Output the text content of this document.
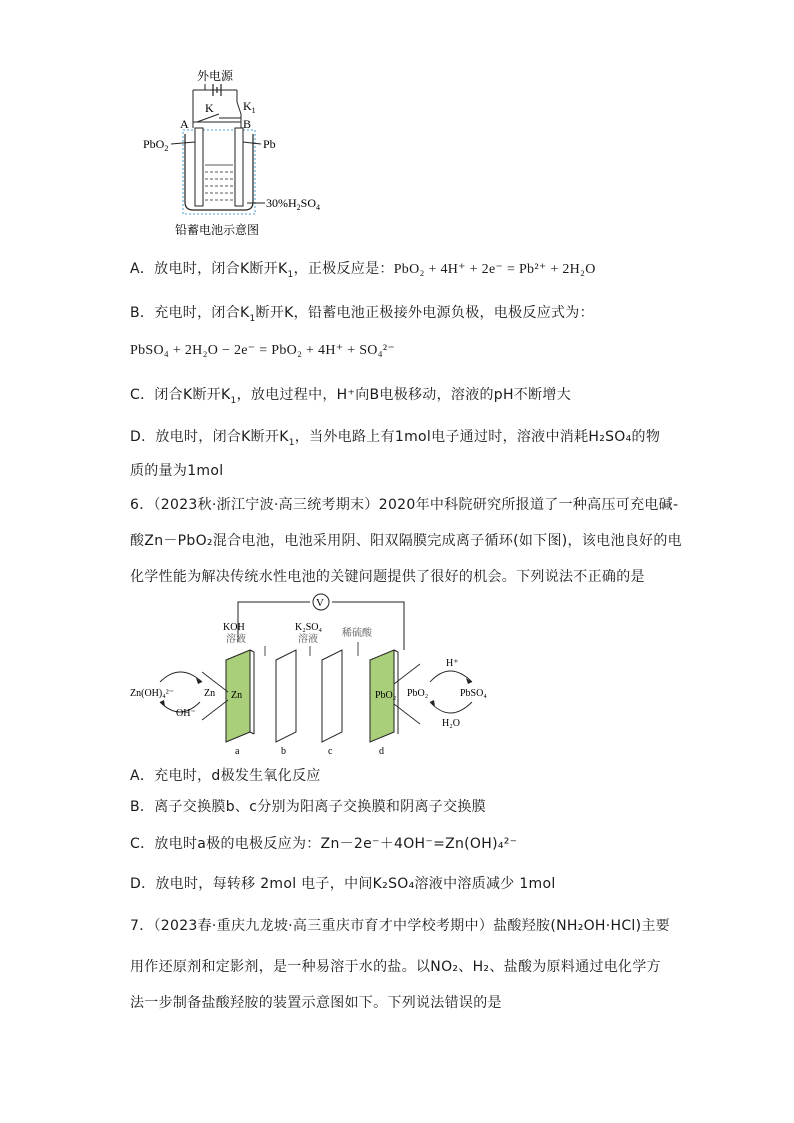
外电源
$K_1$
K
A	B
PbO$_2$	Pb
$30\%H_2SO_4$
铅蓄电池示意图
A．放电时，闭合K断开$K_1$，正极反应是：PbO₂ + 4H⁺ + 2e⁻ = Pb²⁺ + 2H₂O
B．充电时，闭合$K_1$断开K，铅蓄电池正极接外电源负极，电极反应式为：
PbSO₄ + 2H₂O − 2e⁻ = PbO₂ + 4H⁺ + SO₄²⁻
C．闭合K断开$K_1$，放电过程中，H⁺向B电极移动，溶液的pH不断增大
D．放电时，闭合K断开$K_1$，当外电路上有1mol电子通过时，溶液中消耗H₂SO₄的物
质的量为1mol
6．（2023秋·浙江宁波·高三统考期末）2020年中科院研究所报道了一种高压可充电碱-
酸Zn－PbO₂混合电池，电池采用阴、阳双隔膜完成离子循环(如下图)，该电池良好的电
化学性能为解决传统水性电池的关键问题提供了很好的机会。下列说法不正确的是
V
KOH
溶液
K₂SO₄
溶液
稀硫酸
Zn	PbO₂
Zn(OH)₄²⁻	Zn
OH⁻
PbO₂	PbSO₄
H⁺
H₂O
a	b	c	d
A．充电时，d极发生氧化反应
B．离子交换膜b、c分别为阳离子交换膜和阴离子交换膜
C．放电时a极的电极反应为：Zn－2e⁻＋4OH⁻=Zn(OH)₄²⁻
D．放电时，每转移 2mol 电子，中间K₂SO₄溶液中溶质减少 1mol
7．（2023春·重庆九龙坡·高三重庆市育才中学校考期中）盐酸羟胺(NH₂OH·HCl)主要
用作还原剂和定影剂，是一种易溶于水的盐。以NO₂、H₂、盐酸为原料通过电化学方
法一步制备盐酸羟胺的装置示意图如下。下列说法错误的是
